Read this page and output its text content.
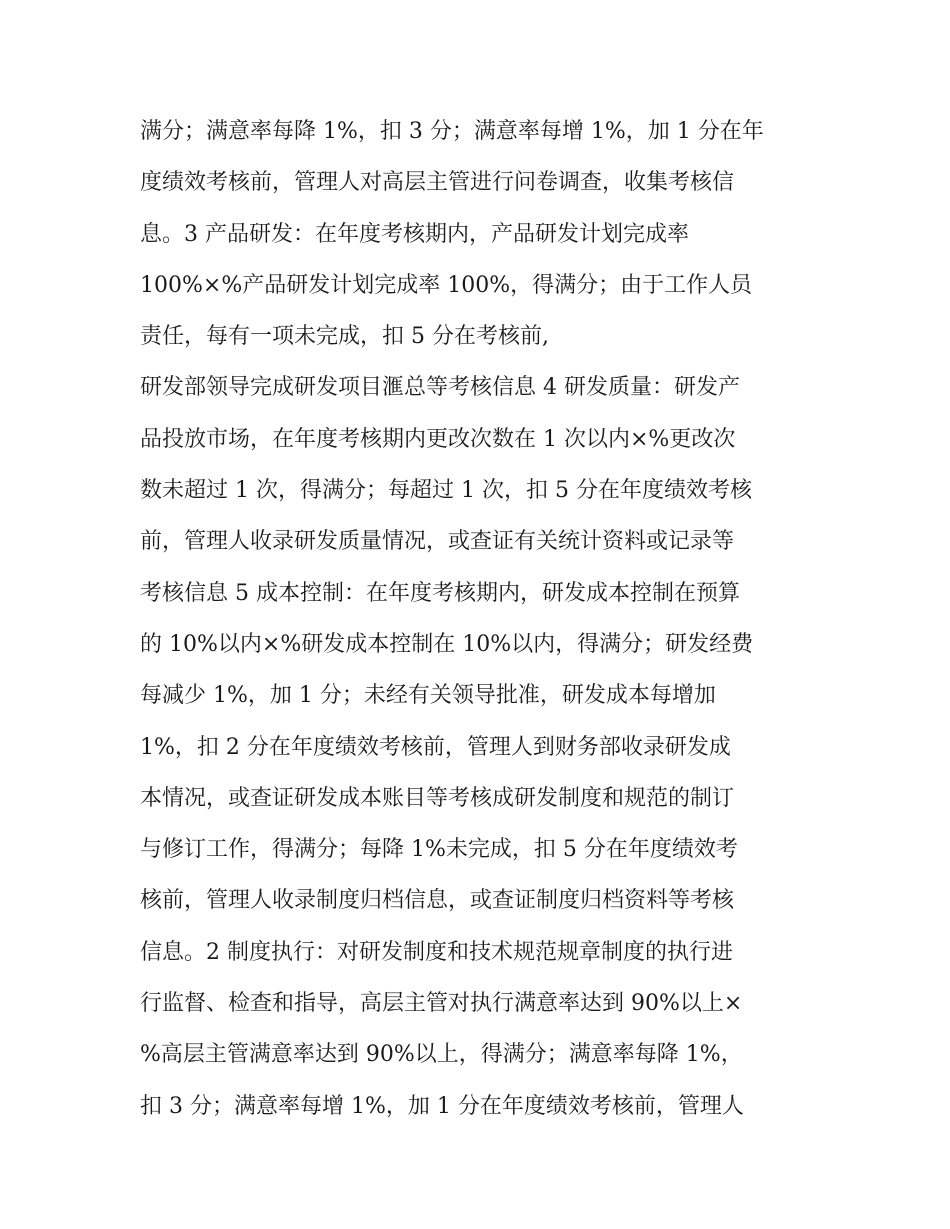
满分；满意率每降 1%，扣 3 分；满意率每增 1%，加 1 分在年
度绩效考核前，管理人对高层主管进行问卷调查，收集考核信
息。3 产品研发：在年度考核期内，产品研发计划完成率
100%×%产品研发计划完成率 100%，得满分；由于工作人员
责任，每有一项未完成，扣 5 分在考核前,
研发部领导完成研发项目滙总等考核信息 4 研发质量：研发产
品投放市场，在年度考核期内更改次数在 1 次以内×%更改次
数未超过 1 次，得满分；每超过 1 次，扣 5 分在年度绩效考核
前，管理人收录研发质量情况，或查证有关统计资料或记录等
考核信息 5 成本控制：在年度考核期内，研发成本控制在预算
的 10%以内×%研发成本控制在 10%以内，得满分；研发经费
每减少 1%，加 1 分；未经有关领导批准，研发成本每增加
1%，扣 2 分在年度绩效考核前，管理人到财务部收录研发成
本情况，或查证研发成本账目等考核成研发制度和规范的制订
与修订工作，得满分；每降 1%未完成，扣 5 分在年度绩效考
核前，管理人收录制度归档信息，或查证制度归档资料等考核
信息。2 制度执行：对研发制度和技术规范规章制度的执行进
行监督、检查和指导，高层主管对执行满意率达到 90%以上×
%高层主管满意率达到 90%以上，得满分；满意率每降 1%，
扣 3 分；满意率每增 1%，加 1 分在年度绩效考核前，管理人
